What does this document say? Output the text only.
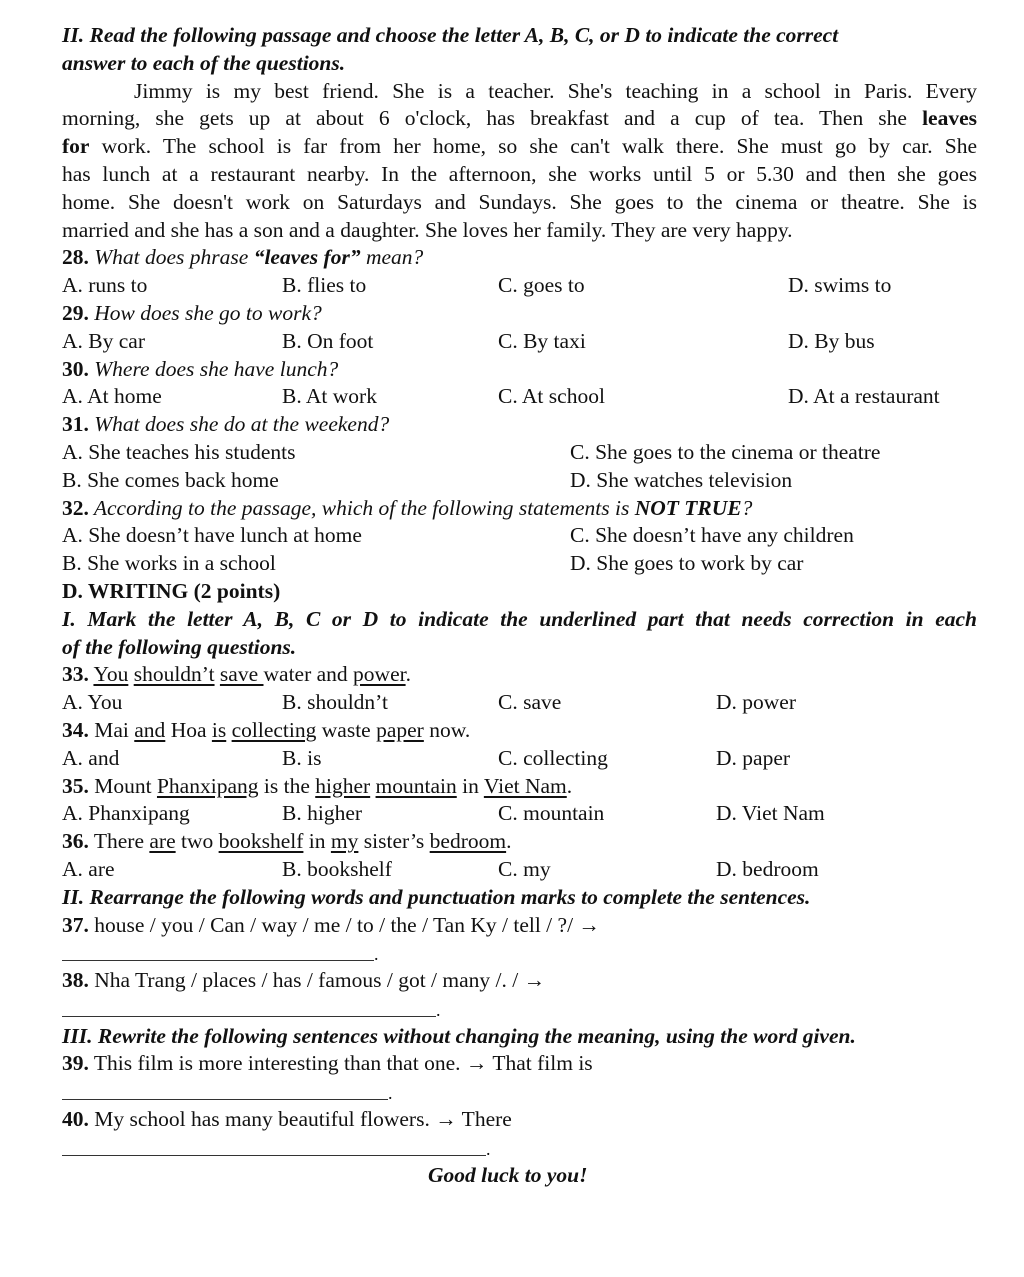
II. Read the following passage and choose the letter A, B, C, or D to indicate the correct
answer to each of the questions.
Jimmy is my best friend. She is a teacher. She's teaching in a school in Paris. Every
morning, she gets up at about 6 o'clock, has breakfast and a cup of tea. Then she leaves
for work. The school is far from her home, so she can't walk there. She must go by car. She
has lunch at a restaurant nearby. In the afternoon, she works until 5 or 5.30 and then she goes
home. She doesn't work on Saturdays and Sundays. She goes to the cinema or theatre. She is
married and she has a son and a daughter. She loves her family. They are very happy.
28. What does phrase “leaves for” mean?
A. runs to	B. flies to	C. goes to	D. swims to
29. How does she go to work?
A. By car	B. On foot	C. By taxi	D. By bus
30. Where does she have lunch?
A. At home	B. At work	C. At school	D. At a restaurant
31. What does she do at the weekend?
A. She teaches his students	C. She goes to the cinema or theatre
B. She comes back home	D. She watches television
32. According to the passage, which of the following statements is NOT TRUE?
A. She doesn’t have lunch at home	C. She doesn’t have any children
B. She works in a school	D. She goes to work by car
D. WRITING (2 points)
I. Mark the letter A, B, C or D to indicate the underlined part that needs correction in each
of the following questions.
33. You shouldn’t save water and power.
A. You	B. shouldn’t	C. save	D. power
34. Mai and Hoa is collecting waste paper now.
A. and	B. is	C. collecting	D. paper
35. Mount Phanxipang is the higher mountain in Viet Nam.
A. Phanxipang	B. higher	C. mountain	D. Viet Nam
36. There are two bookshelf in my sister’s bedroom.
A. are	B. bookshelf	C. my	D. bedroom
II. Rearrange the following words and punctuation marks to complete the sentences.
37. house / you / Can / way / me / to / the / Tan Ky / tell / ?/ →
.
38. Nha Trang / places / has / famous / got / many /. / →
.
III. Rewrite the following sentences without changing the meaning, using the word given.
39. This film is more interesting than that one. → That film is
.
40. My school has many beautiful flowers. → There
.
Good luck to you!
